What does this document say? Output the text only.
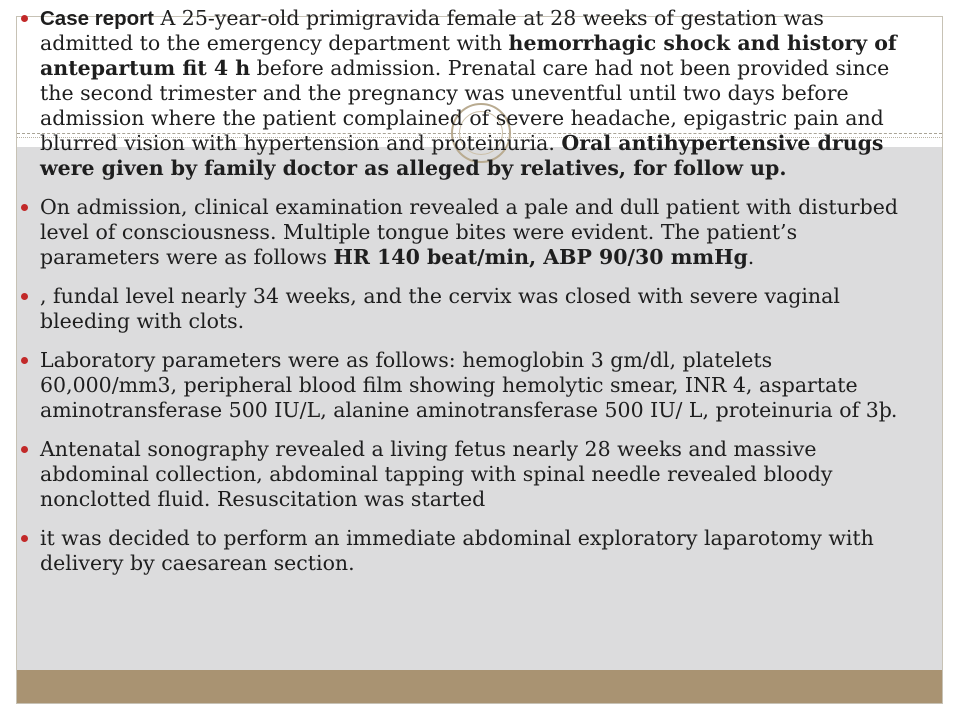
Case report A 25-year-old primigravida female at 28 weeks of gestation was admitted to the emergency department with hemorrhagic shock and history of antepartum fit 4 h before admission. Prenatal care had not been provided since the second trimester and the pregnancy was uneventful until two days before admission where the patient complained of severe headache, epigastric pain and blurred vision with hypertension and proteinuria. Oral antihypertensive drugs were given by family doctor as alleged by relatives, for follow up.
On admission, clinical examination revealed a pale and dull patient with disturbed level of consciousness. Multiple tongue bites were evident. The patient’s parameters were as follows HR 140 beat/min, ABP 90/30 mmHg.
, fundal level nearly 34 weeks, and the cervix was closed with severe vaginal bleeding with clots.
Laboratory parameters were as follows: hemoglobin 3 gm/dl, platelets 60,000/mm3, peripheral blood film showing hemolytic smear, INR 4, aspartate aminotransferase 500 IU/L, alanine aminotransferase 500 IU/ L, proteinuria of 3þ.
Antenatal sonography revealed a living fetus nearly 28 weeks and massive abdominal collection, abdominal tapping with spinal needle revealed bloody nonclotted fluid. Resuscitation was started
it was decided to perform an immediate abdominal exploratory laparotomy with delivery by caesarean section.
